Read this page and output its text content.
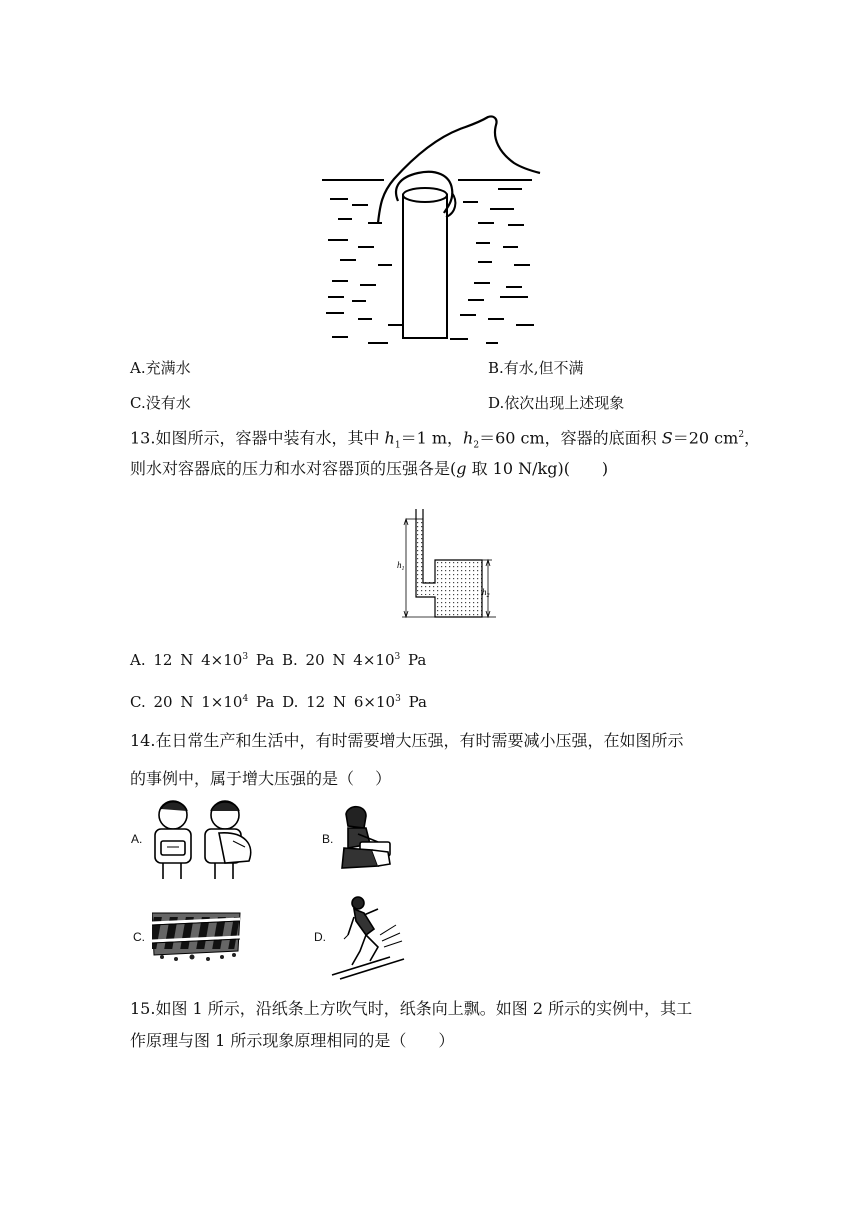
A.充满水	B.有水,但不满
C.没有水	D.依次出现上述现象
13.如图所示，容器中装有水，其中 $h_1=1$ m，$h_2=60$ cm，容器的底面积 S＝20 $cm^2$，
则水对容器底的压力和水对容器顶的压强各是(g 取 10 N/kg)(　　)
$h_1$
$h_2$
A. 12 N $4\times 10^3$ Pa B. 20 N $4\times 10^3$ Pa
C. 20 N $1\times 10^4$ Pa D. 12 N $6\times 10^3$ Pa
14.在日常生产和生活中，有时需要增大压强，有时需要减小压强，在如图所示
的事例中，属于增大压强的是（　 ）
A.	B.
C.	D.
15.如图 1 所示，沿纸条上方吹气时，纸条向上飘。如图 2 所示的实例中，其工
作原理与图 1 所示现象原理相同的是（　　）
